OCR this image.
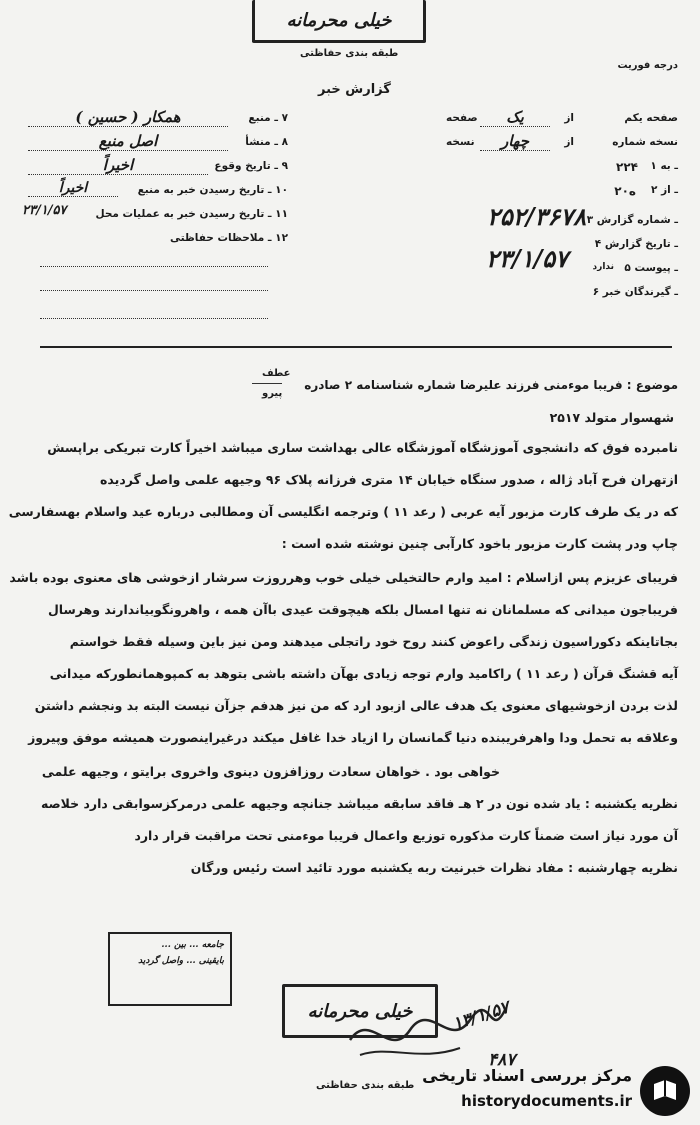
خیلی محرمانه
طبقه بندی حفاظتی
درجه فوریت
گزارش خبر
۷ ـ منبع
همکار ( حسین )
۸ ـ منشأ
اصل منبع
۹ ـ تاریخ وقوع
اخیراً
۱۰ ـ تاریخ رسیدن خبر به منبع
اخیراً
۱۱ ـ تاریخ رسیدن خبر به عملیات محل
۲۳/۱/۵۷
۱۲ ـ ملاحظات حفاظتی
صفحه یکم
از
یک
صفحه
نسخه شماره
از
چهار
نسخه
۱ ـ به
۲۲۴
۲ ـ از
۲۰ه
۳ ـ شماره گزارش
۲۵۲/۳۶۷۸
۴ ـ تاریخ گزارش
۵ ـ پیوست
ندارد
۲۳/۱/۵۷
۶ ـ گیرندگان خبر
عطف
پیرو
موضوع : فریبا موءمنی فرزند علیرضا شماره شناسنامه ۲ صادره
شهسوار متولد ۲۵۱۷
نامبرده فوق که دانشجوی آموزشگاه آموزشگاه عالی بهداشت ساری میباشد اخیراً کارت تبریکی براپسش
ازتهران فرح آباد ژاله ، صدور سنگاه خیابان ۱۴ متری فرزانه پلاک ۹۶ وجیهه علمی واصل گردیده
که در یک طرف کارت مزبور آیه عربی ( رعد ۱۱ ) وترجمه انگلیسی آن ومطالبی درباره عید واسلام بهسفارسی
چاپ ودر پشت کارت مزبور باخود کارآبی چنین نوشته شده است :
فریبای عزیزم پس ازاسلام : امید وارم حالتخیلی خیلی خوب وهرروزت سرشار ازخوشی های معنوی بوده باشد
فریباجون میدانی که مسلمانان نه تنها امسال بلکه هیچوقت عیدی باآن همه ، واهرونگوبیاندارند وهرسال
بجاتاینکه دکوراسیون زندگی راعوض کنند روح خود راتجلی میدهند ومن نیز باین وسیله فقط خواستم
آیه قشنگ قرآن ( رعد ۱۱ ) راکامید وارم توجه زیادی بهآن داشته باشی بتوهد به کمپوهمانطورکه میدانی
لذت بردن ازخوشیهای معنوی یک هدف عالی ازبود ارد که من نیز هدفم جزآن نیست البته بد ونجشم داشتن
وعلاقه به تحمل ودا واهرفریبنده دنیا گمانسان را ازیاد خدا غافل میکند درغیراینصورت همیشه موفق وپیروز
خواهی بود . خواهان سعادت روزافزون دینوی واخروی برایتو ، وجیهه علمی
نظریه یکشنبه : یاد شده نون در ۲ هـ فاقد سابقه میباشد جنانچه وجیهه علمی درمرکزسوابقی دارد خلاصه
آن مورد نیاز است ضمناً کارت مذکوره توزیع واعمال فریبا موءمنی تحت مراقبت قرار دارد
نظریه چهارشنبه : مفاد نظرات خبرنیت ربه یکشنبه مورد تائید است رئیس ورگان
جامعه ... بین ...
بایقینی ... واصل گردید
خیلی محرمانه ۱۳/۱/۵۷
۴۸۷
طبقه بندی حفاظتی
مرکز بررسی اسناد تاریخی
historydocuments.ir
